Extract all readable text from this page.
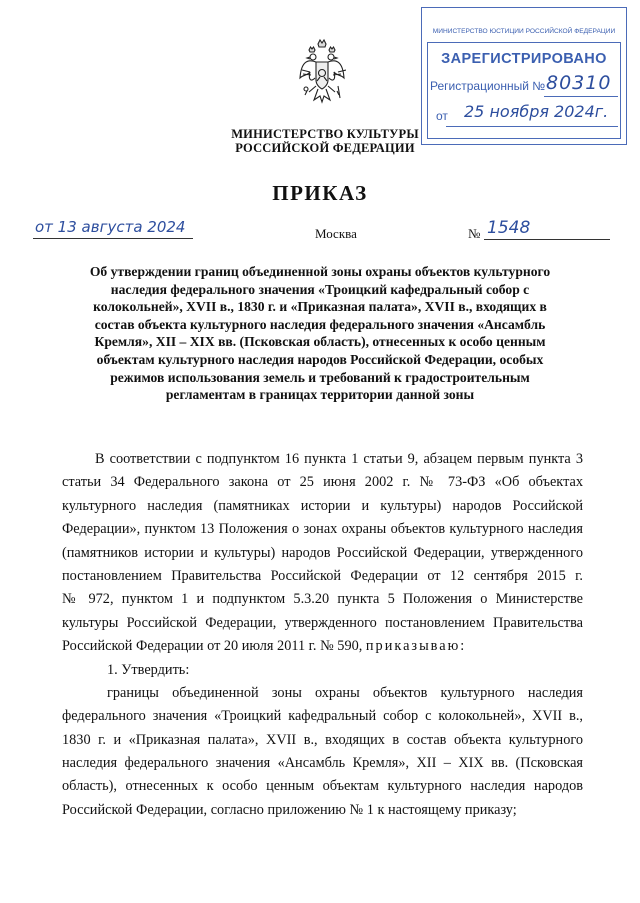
МИНИСТЕРСТВО КУЛЬТУРЫ
РОССИЙСКОЙ ФЕДЕРАЦИИ
МИНИСТЕРСТВО ЮСТИЦИИ РОССИЙСКОЙ ФЕДЕРАЦИИ
ЗАРЕГИСТРИРОВАНО
Регистрационный № 80310
от 25 ноября 2024г.
ПРИКАЗ
от 13 августа 2024	Москва	№ 1548
Об утверждении границ объединенной зоны охраны объектов культурного
наследия федерального значения «Троицкий кафедральный собор с
колокольней», XVII в., 1830 г. и «Приказная палата», XVII в., входящих в
состав объекта культурного наследия федерального значения «Ансамбль
Кремля», XII – XIX вв. (Псковская область), отнесенных к особо ценным
объектам культурного наследия народов Российской Федерации, особых
режимов использования земель и требований к градостроительным
регламентам в границах территории данной зоны
В соответствии с подпунктом 16 пункта 1 статьи 9, абзацем первым пункта 3
статьи 34 Федерального закона от 25 июня 2002 г. № 73-ФЗ «Об объектах
культурного наследия (памятниках истории и культуры) народов Российской
Федерации», пунктом 13 Положения о зонах охраны объектов культурного наследия
(памятников истории и культуры) народов Российской Федерации, утвержденного
постановлением Правительства Российской Федерации от 12 сентября 2015 г.
№ 972, пунктом 1 и подпунктом 5.3.20 пункта 5 Положения о Министерстве
культуры Российской Федерации, утвержденного постановлением Правительства
Российской Федерации от 20 июля 2011 г. № 590, приказываю:
1. Утвердить:
границы объединенной зоны охраны объектов культурного наследия
федерального значения «Троицкий кафедральный собор с колокольней», XVII в.,
1830 г. и «Приказная палата», XVII в., входящих в состав объекта культурного
наследия федерального значения «Ансамбль Кремля», XII – XIX вв. (Псковская
область), отнесенных к особо ценным объектам культурного наследия народов
Российской Федерации, согласно приложению № 1 к настоящему приказу;
